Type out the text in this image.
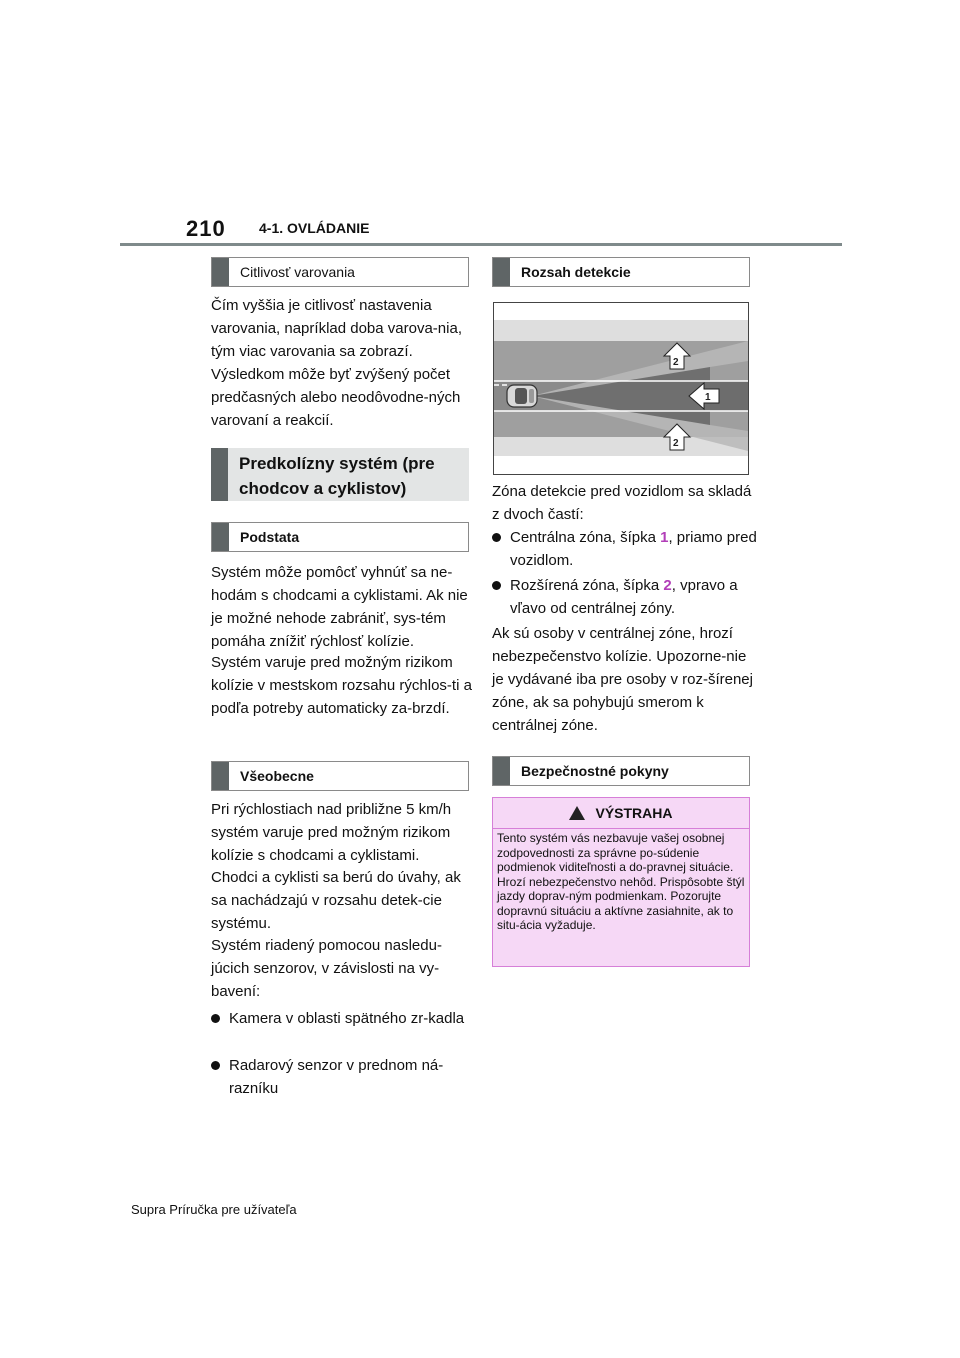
210 4-1. OVLÁDANIE
Citlivosť varovania

Čím vyššia je citlivosť nastavenia varovania, napríklad doba varova-nia, tým viac varovania sa zobrazí. Výsledkom môže byť zvýšený počet predčasných alebo neodôvodne-ných varovaní a reakcií.

Predkolízny systém (pre
chodcov a cyklistov)
Podstata

Systém môže pomôcť vyhnúť sa ne-hodám s chodcami a cyklistami. Ak nie je možné nehode zabrániť, sys-tém pomáha znížiť rýchlosť kolízie.

Systém varuje pred možným rizikom kolízie v mestskom rozsahu rýchlos-ti a podľa potreby automaticky za-brzdí.

Všeobecne

Pri rýchlostiach nad približne 5 km/h systém varuje pred možným rizikom kolízie s chodcami a cyklistami.

Chodci a cyklisti sa berú do úvahy, ak sa nachádzajú v rozsahu detek-cie systému.

Systém riadený pomocou nasledu-júcich senzorov, v závislosti na vy-bavení:

Kamera v oblasti spätného zr-kadla
Radarový senzor v prednom ná-razníku
Rozsah detekcie
1
2
2

Zóna detekcie pred vozidlom sa skladá z dvoch častí:

Centrálna zóna, šípka 1, priamo pred vozidlom.
Rozšírená zóna, šípka 2, vpravo a vľavo od centrálnej zóny.

Ak sú osoby v centrálnej zóne, hrozí nebezpečenstvo kolízie. Upozorne-nie je vydávané iba pre osoby v roz-šírenej zóne, ak sa pohybujú smerom k centrálnej zóne.

Bezpečnostné pokyny
VÝSTRAHA
Tento systém vás nezbavuje vašej osobnej zodpovednosti za správne po-súdenie podmienok viditeľnosti a do-pravnej situácie. Hrozí nebezpečenstvo nehôd. Prispôsobte štýl jazdy doprav-ným podmienkam. Pozorujte dopravnú situáciu a aktívne zasiahnite, ak to situ-ácia vyžaduje.
Supra Príručka pre užívateľa
